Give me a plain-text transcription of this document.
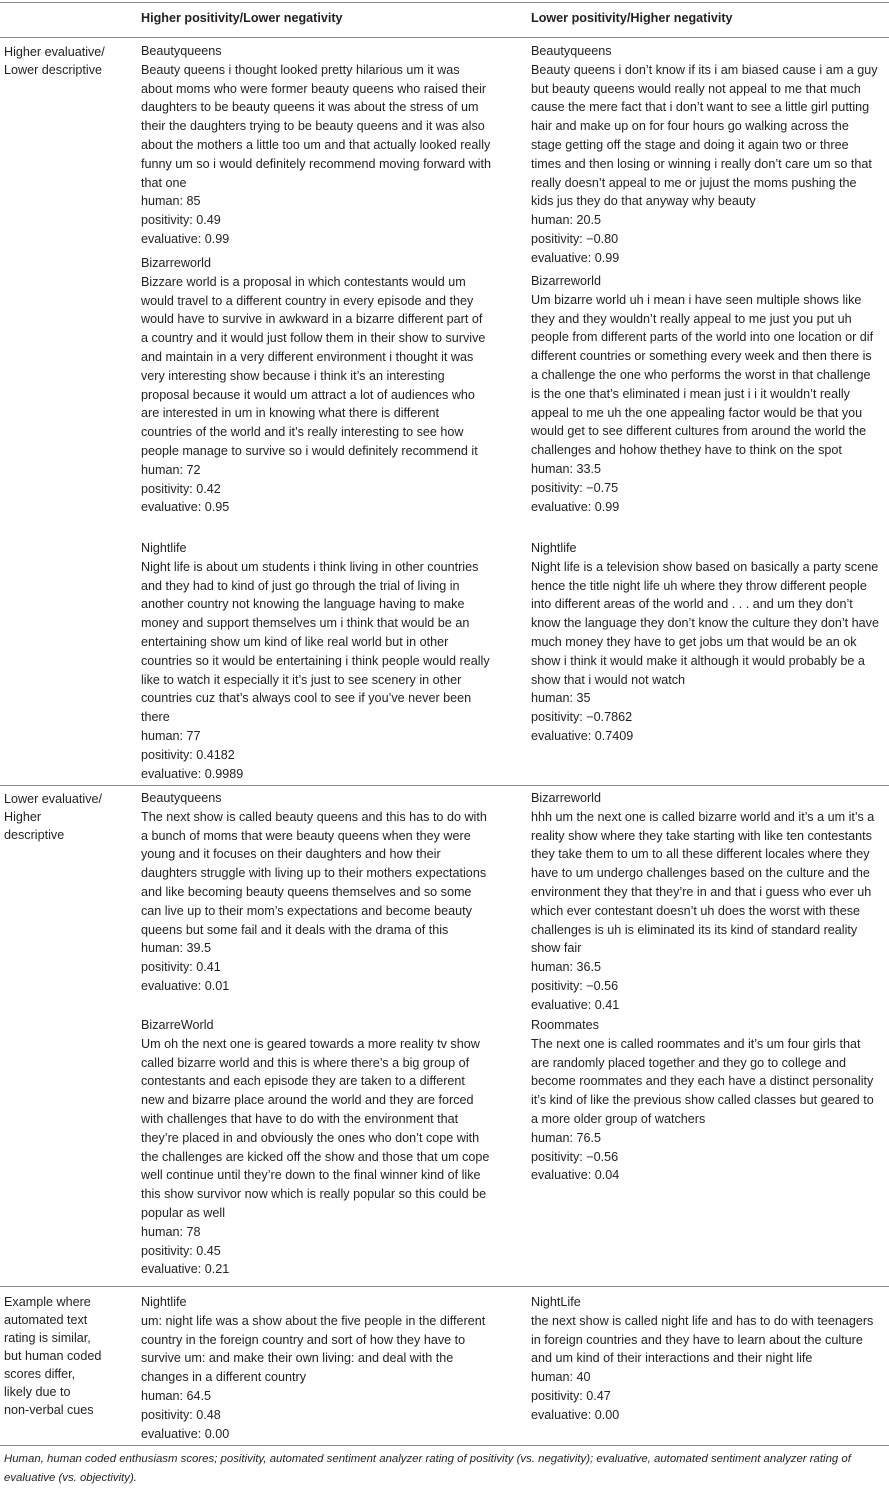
Higher positivity/Lower negativity	Lower positivity/Higher negativity
Higher evaluative/
Lower descriptive

Beautyqueens

Beauty queens i thought looked pretty hilarious um it was about moms who were former beauty queens who raised their daughters to be beauty queens it was about the stress of um their the daughters trying to be beauty queens and it was also about the mothers a little too um and that actually looked really funny um so i would definitely recommend moving forward with that one

human: 85

positivity: 0.49

evaluative: 0.99

Bizarreworld

Bizzare world is a proposal in which contestants would um would travel to a different country in every episode and they would have to survive in awkward in a bizarre different part of a country and it would just follow them in their show to survive and maintain in a very different environment i thought it was very interesting show because i think it’s an interesting proposal because it would um attract a lot of audiences who are interested in um in knowing what there is different countries of the world and it’s really interesting to see how people manage to survive so i would definitely recommend it

human: 72

positivity: 0.42

evaluative: 0.95

Nightlife

Night life is about um students i think living in other countries and they had to kind of just go through the trial of living in another country not knowing the language having to make money and support themselves um i think that would be an entertaining show um kind of like real world but in other countries so it would be entertaining i think people would really like to watch it especially it it’s just to see scenery in other countries cuz that’s always cool to see if you’ve never been there

human: 77

positivity: 0.4182

evaluative: 0.9989

Beautyqueens

Beauty queens i don’t know if its i am biased cause i am a guy but beauty queens would really not appeal to me that much cause the mere fact that i don’t want to see a little girl putting hair and make up on for four hours go walking across the stage getting off the stage and doing it again two or three times and then losing or winning i really don’t care um so that really doesn’t appeal to me or jujust the moms pushing the kids jus they do that anyway why beauty

human: 20.5

positivity: −0.80

evaluative: 0.99

Bizarreworld

Um bizarre world uh i mean i have seen multiple shows like they and they wouldn’t really appeal to me just you put uh people from different parts of the world into one location or dif different countries or something every week and then there is a challenge the one who performs the worst in that challenge is the one that’s eliminated i mean just i i it wouldn’t really appeal to me uh the one appealing factor would be that you would get to see different cultures from around the world the challenges and hohow thethey have to think on the spot

human: 33.5

positivity: −0.75

evaluative: 0.99

Nightlife

Night life is a television show based on basically a party scene hence the title night life uh where they throw different people into different areas of the world and . . . and um they don’t know the language they don’t know the culture they don’t have much money they have to get jobs um that would be an ok show i think it would make it although it would probably be a show that i would not watch

human: 35

positivity: −0.7862

evaluative: 0.7409

Lower evaluative/
Higher
descriptive

Beautyqueens

The next show is called beauty queens and this has to do with a bunch of moms that were beauty queens when they were young and it focuses on their daughters and how their daughters struggle with living up to their mothers expectations and like becoming beauty queens themselves and so some can live up to their mom’s expectations and become beauty queens but some fail and it deals with the drama of this

human: 39.5

positivity: 0.41

evaluative: 0.01

BizarreWorld

Um oh the next one is geared towards a more reality tv show called bizarre world and this is where there’s a big group of contestants and each episode they are taken to a different new and bizarre place around the world and they are forced with challenges that have to do with the environment that they’re placed in and obviously the ones who don’t cope with the challenges are kicked off the show and those that um cope well continue until they’re down to the final winner kind of like this show survivor now which is really popular so this could be popular as well

human: 78

positivity: 0.45

evaluative: 0.21

Bizarreworld

hhh um the next one is called bizarre world and it’s a um it’s a reality show where they take starting with like ten contestants they take them to um to all these different locales where they have to um undergo challenges based on the culture and the environment they that they’re in and that i guess who ever uh which ever contestant doesn’t uh does the worst with these challenges is uh is eliminated its its kind of standard reality show fair

human: 36.5

positivity: −0.56

evaluative: 0.41

Roommates

The next one is called roommates and it’s um four girls that are randomly placed together and they go to college and become roommates and they each have a distinct personality it’s kind of like the previous show called classes but geared to a more older group of watchers

human: 76.5

positivity: −0.56

evaluative: 0.04

Example where
automated text
rating is similar,
but human coded
scores differ,
likely due to
non-verbal cues

Nightlife

um: night life was a show about the five people in the different country in the foreign country and sort of how they have to survive um: and make their own living: and deal with the changes in a different country

human: 64.5

positivity: 0.48

evaluative: 0.00

NightLife

the next show is called night life and has to do with teenagers in foreign countries and they have to learn about the culture and um kind of their interactions and their night life

human: 40

positivity: 0.47

evaluative: 0.00

Human, human coded enthusiasm scores; positivity, automated sentiment analyzer rating of positivity (vs. negativity); evaluative, automated sentiment analyzer rating of evaluative (vs. objectivity).
